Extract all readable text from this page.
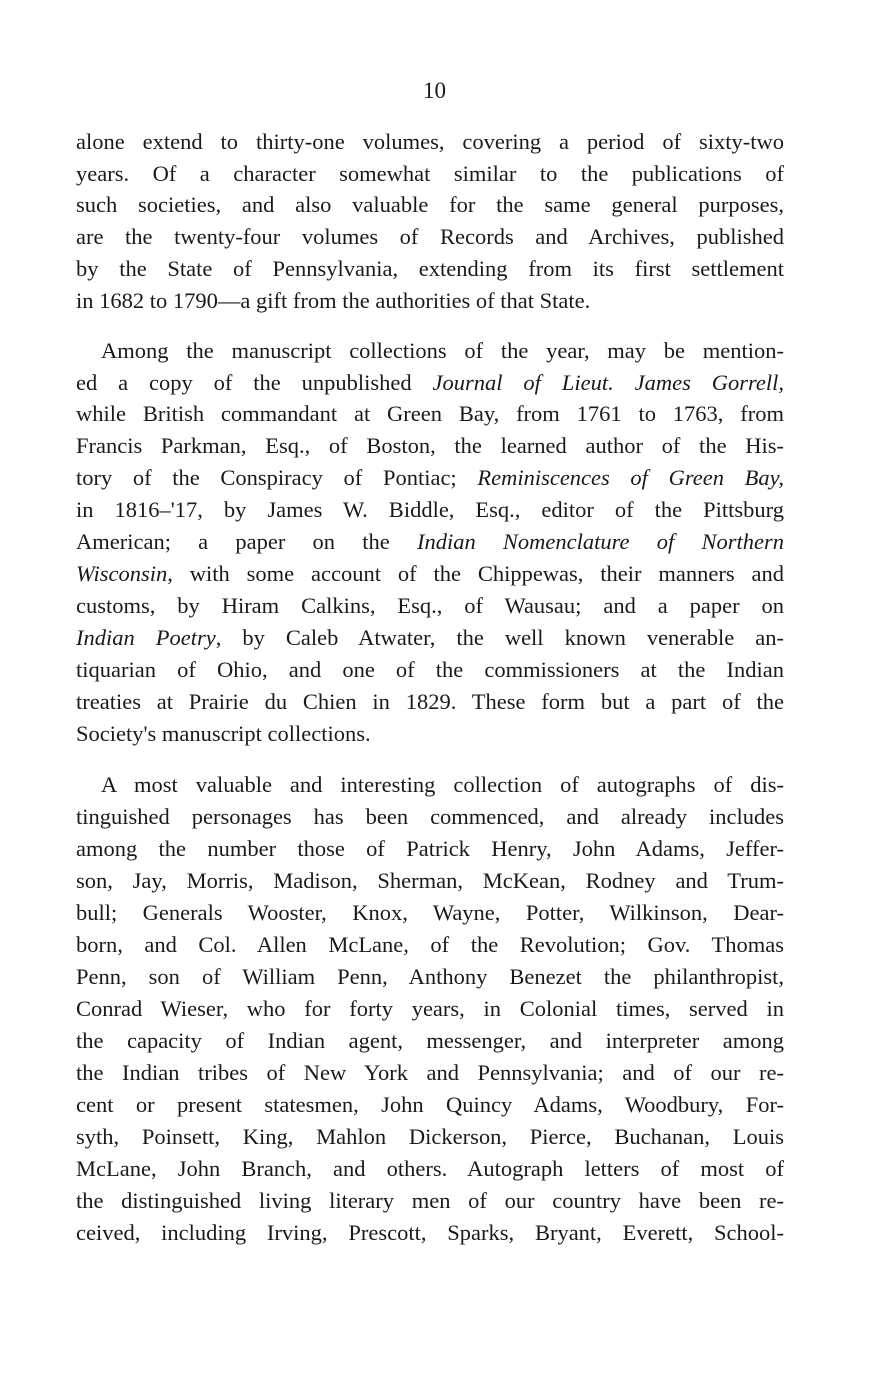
10
alone extend to thirty-one volumes, covering a period of sixty-two
years. Of a character somewhat similar to the publications of
such societies, and also valuable for the same general purposes,
are the twenty-four volumes of Records and Archives, published
by the State of Pennsylvania, extending from its first settlement
in 1682 to 1790—a gift from the authorities of that State.
Among the manuscript collections of the year, may be mention-
ed a copy of the unpublished Journal of Lieut. James Gorrell,
while British commandant at Green Bay, from 1761 to 1763, from
Francis Parkman, Esq., of Boston, the learned author of the His-
tory of the Conspiracy of Pontiac; Reminiscences of Green Bay,
in 1816–'17, by James W. Biddle, Esq., editor of the Pittsburg
American; a paper on the Indian Nomenclature of Northern
Wisconsin, with some account of the Chippewas, their manners and
customs, by Hiram Calkins, Esq., of Wausau; and a paper on
Indian Poetry, by Caleb Atwater, the well known venerable an-
tiquarian of Ohio, and one of the commissioners at the Indian
treaties at Prairie du Chien in 1829. These form but a part of the
Society's manuscript collections.
A most valuable and interesting collection of autographs of dis-
tinguished personages has been commenced, and already includes
among the number those of Patrick Henry, John Adams, Jeffer-
son, Jay, Morris, Madison, Sherman, McKean, Rodney and Trum-
bull; Generals Wooster, Knox, Wayne, Potter, Wilkinson, Dear-
born, and Col. Allen McLane, of the Revolution; Gov. Thomas
Penn, son of William Penn, Anthony Benezet the philanthropist,
Conrad Wieser, who for forty years, in Colonial times, served in
the capacity of Indian agent, messenger, and interpreter among
the Indian tribes of New York and Pennsylvania; and of our re-
cent or present statesmen, John Quincy Adams, Woodbury, For-
syth, Poinsett, King, Mahlon Dickerson, Pierce, Buchanan, Louis
McLane, John Branch, and others. Autograph letters of most of
the distinguished living literary men of our country have been re-
ceived, including Irving, Prescott, Sparks, Bryant, Everett, School-
